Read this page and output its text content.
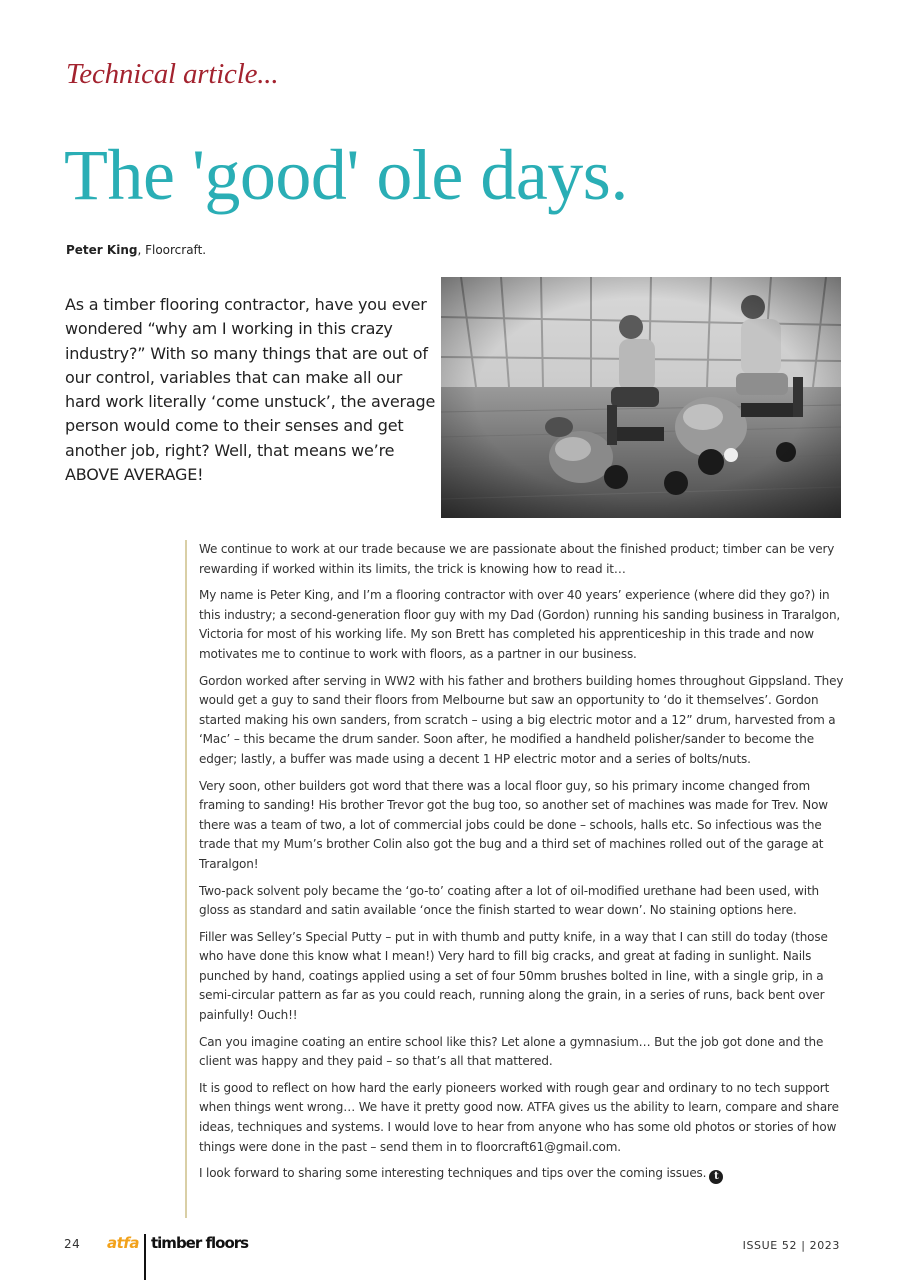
Technical article...
The 'good' ole days.

Peter King, Floorcraft.

As a timber flooring contractor, have you ever wondered “why am I working in this crazy industry?” With so many things that are out of our control, variables that can make all our hard work literally ‘come unstuck’, the average person would come to their senses and get another job, right? Well, that means we’re ABOVE AVERAGE!

We continue to work at our trade because we are passionate about the finished product; timber can be very rewarding if worked within its limits, the trick is knowing how to read it…

My name is Peter King, and I’m a flooring contractor with over 40 years’ experience (where did they go?) in this industry; a second-generation floor guy with my Dad (Gordon) running his sanding business in Traralgon, Victoria for most of his working life. My son Brett has completed his apprenticeship in this trade and now motivates me to continue to work with floors, as a partner in our business.

Gordon worked after serving in WW2 with his father and brothers building homes throughout Gippsland. They would get a guy to sand their floors from Melbourne but saw an opportunity to ‘do it themselves’. Gordon started making his own sanders, from scratch – using a big electric motor and a 12” drum, harvested from a ‘Mac’ – this became the drum sander. Soon after, he modified a handheld polisher/sander to become the edger; lastly, a buffer was made using a decent 1 HP electric motor and a series of bolts/nuts.

Very soon, other builders got word that there was a local floor guy, so his primary income changed from framing to sanding! His brother Trevor got the bug too, so another set of machines was made for Trev. Now there was a team of two, a lot of commercial jobs could be done – schools, halls etc. So infectious was the trade that my Mum’s brother Colin also got the bug and a third set of machines rolled out of the garage at Traralgon!

Two-pack solvent poly became the ‘go-to’ coating after a lot of oil-modified urethane had been used, with gloss as standard and satin available ‘once the finish started to wear down’. No staining options here.

Filler was Selley’s Special Putty – put in with thumb and putty knife, in a way that I can still do today (those who have done this know what I mean!) Very hard to fill big cracks, and great at fading in sunlight. Nails punched by hand, coatings applied using a set of four 50mm brushes bolted in line, with a single grip, in a semi-circular pattern as far as you could reach, running along the grain, in a series of runs, back bent over painfully! Ouch!!

Can you imagine coating an entire school like this? Let alone a gymnasium… But the job got done and the client was happy and they paid – so that’s all that mattered.

It is good to reflect on how hard the early pioneers worked with rough gear and ordinary to no tech support when things went wrong… We have it pretty good now. ATFA gives us the ability to learn, compare and share ideas, techniques and systems. I would love to hear from anyone who has some old photos or stories of how things were done in the past – send them in to floorcraft61@gmail.com.

I look forward to sharing some interesting techniques and tips over the coming issues. t

24 atfa timber floors	ISSUE 52 | 2023
